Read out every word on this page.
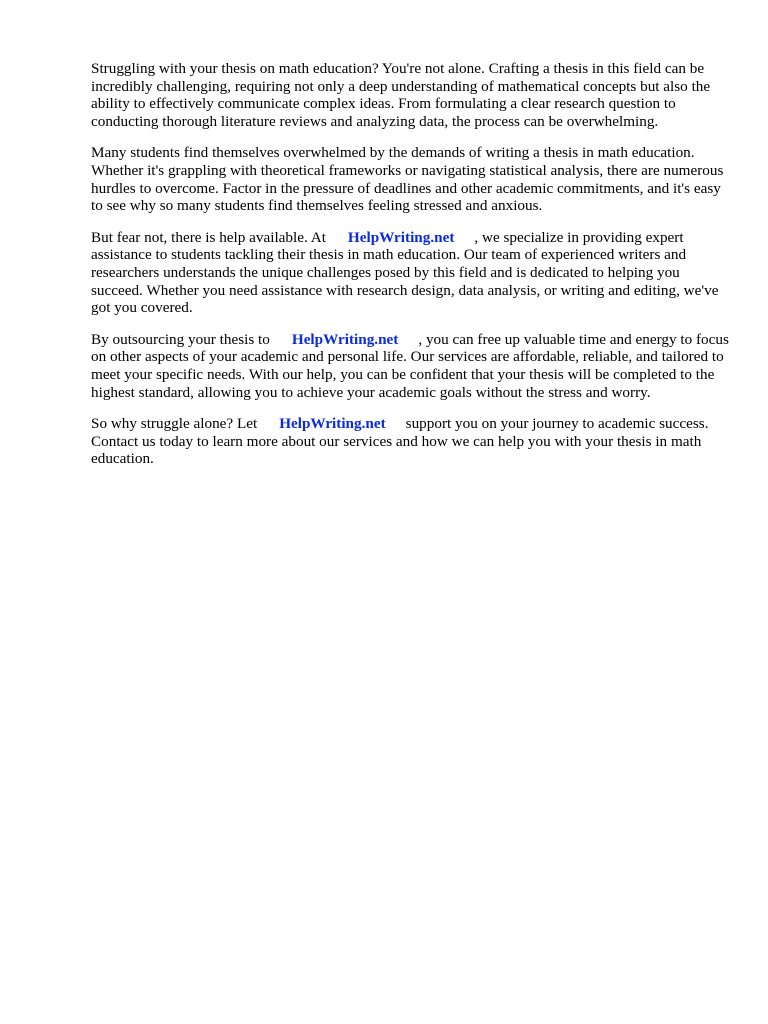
Struggling with your thesis on math education? You're not alone. Crafting a thesis in this field can be incredibly challenging, requiring not only a deep understanding of mathematical concepts but also the ability to effectively communicate complex ideas. From formulating a clear research question to conducting thorough literature reviews and analyzing data, the process can be overwhelming.

Many students find themselves overwhelmed by the demands of writing a thesis in math education. Whether it's grappling with theoretical frameworks or navigating statistical analysis, there are numerous hurdles to overcome. Factor in the pressure of deadlines and other academic commitments, and it's easy to see why so many students find themselves feeling stressed and anxious.

But fear not, there is help available. At HelpWriting.net , we specialize in providing expert assistance to students tackling their thesis in math education. Our team of experienced writers and researchers understands the unique challenges posed by this field and is dedicated to helping you succeed. Whether you need assistance with research design, data analysis, or writing and editing, we've got you covered.

By outsourcing your thesis to HelpWriting.net , you can free up valuable time and energy to focus on other aspects of your academic and personal life. Our services are affordable, reliable, and tailored to meet your specific needs. With our help, you can be confident that your thesis will be completed to the highest standard, allowing you to achieve your academic goals without the stress and worry.

So why struggle alone? Let HelpWriting.net support you on your journey to academic success. Contact us today to learn more about our services and how we can help you with your thesis in math education.
